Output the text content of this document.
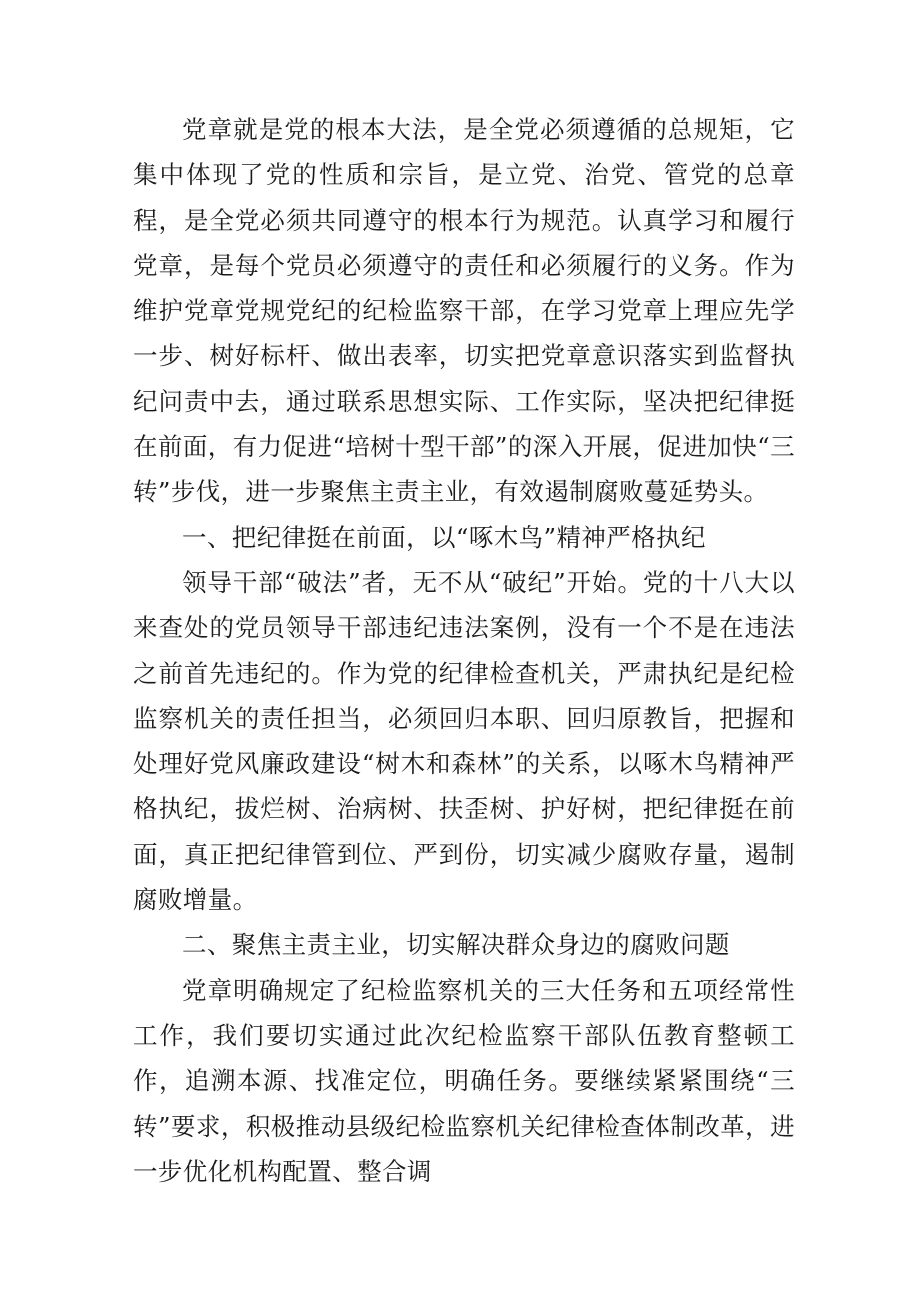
党章就是党的根本大法，是全党必须遵循的总规矩，它集中体现了党的性质和宗旨，是立党、治党、管党的总章程，是全党必须共同遵守的根本行为规范。认真学习和履行党章，是每个党员必须遵守的责任和必须履行的义务。作为维护党章党规党纪的纪检监察干部，在学习党章上理应先学一步、树好标杆、做出表率，切实把党章意识落实到监督执纪问责中去，通过联系思想实际、工作实际，坚决把纪律挺在前面，有力促进“培树十型干部”的深入开展，促进加快“三转”步伐，进一步聚焦主责主业，有效遏制腐败蔓延势头。

一、把纪律挺在前面，以“啄木鸟”精神严格执纪

领导干部“破法”者，无不从“破纪”开始。党的十八大以来查处的党员领导干部违纪违法案例，没有一个不是在违法之前首先违纪的。作为党的纪律检查机关，严肃执纪是纪检监察机关的责任担当，必须回归本职、回归原教旨，把握和处理好党风廉政建设“树木和森林”的关系，以啄木鸟精神严格执纪，拔烂树、治病树、扶歪树、护好树，把纪律挺在前面，真正把纪律管到位、严到份，切实减少腐败存量，遏制腐败增量。

二、聚焦主责主业，切实解决群众身边的腐败问题

党章明确规定了纪检监察机关的三大任务和五项经常性工作，我们要切实通过此次纪检监察干部队伍教育整顿工作，追溯本源、找准定位，明确任务。要继续紧紧围绕“三转”要求，积极推动县级纪检监察机关纪律检查体制改革，进一步优化机构配置、整合调
